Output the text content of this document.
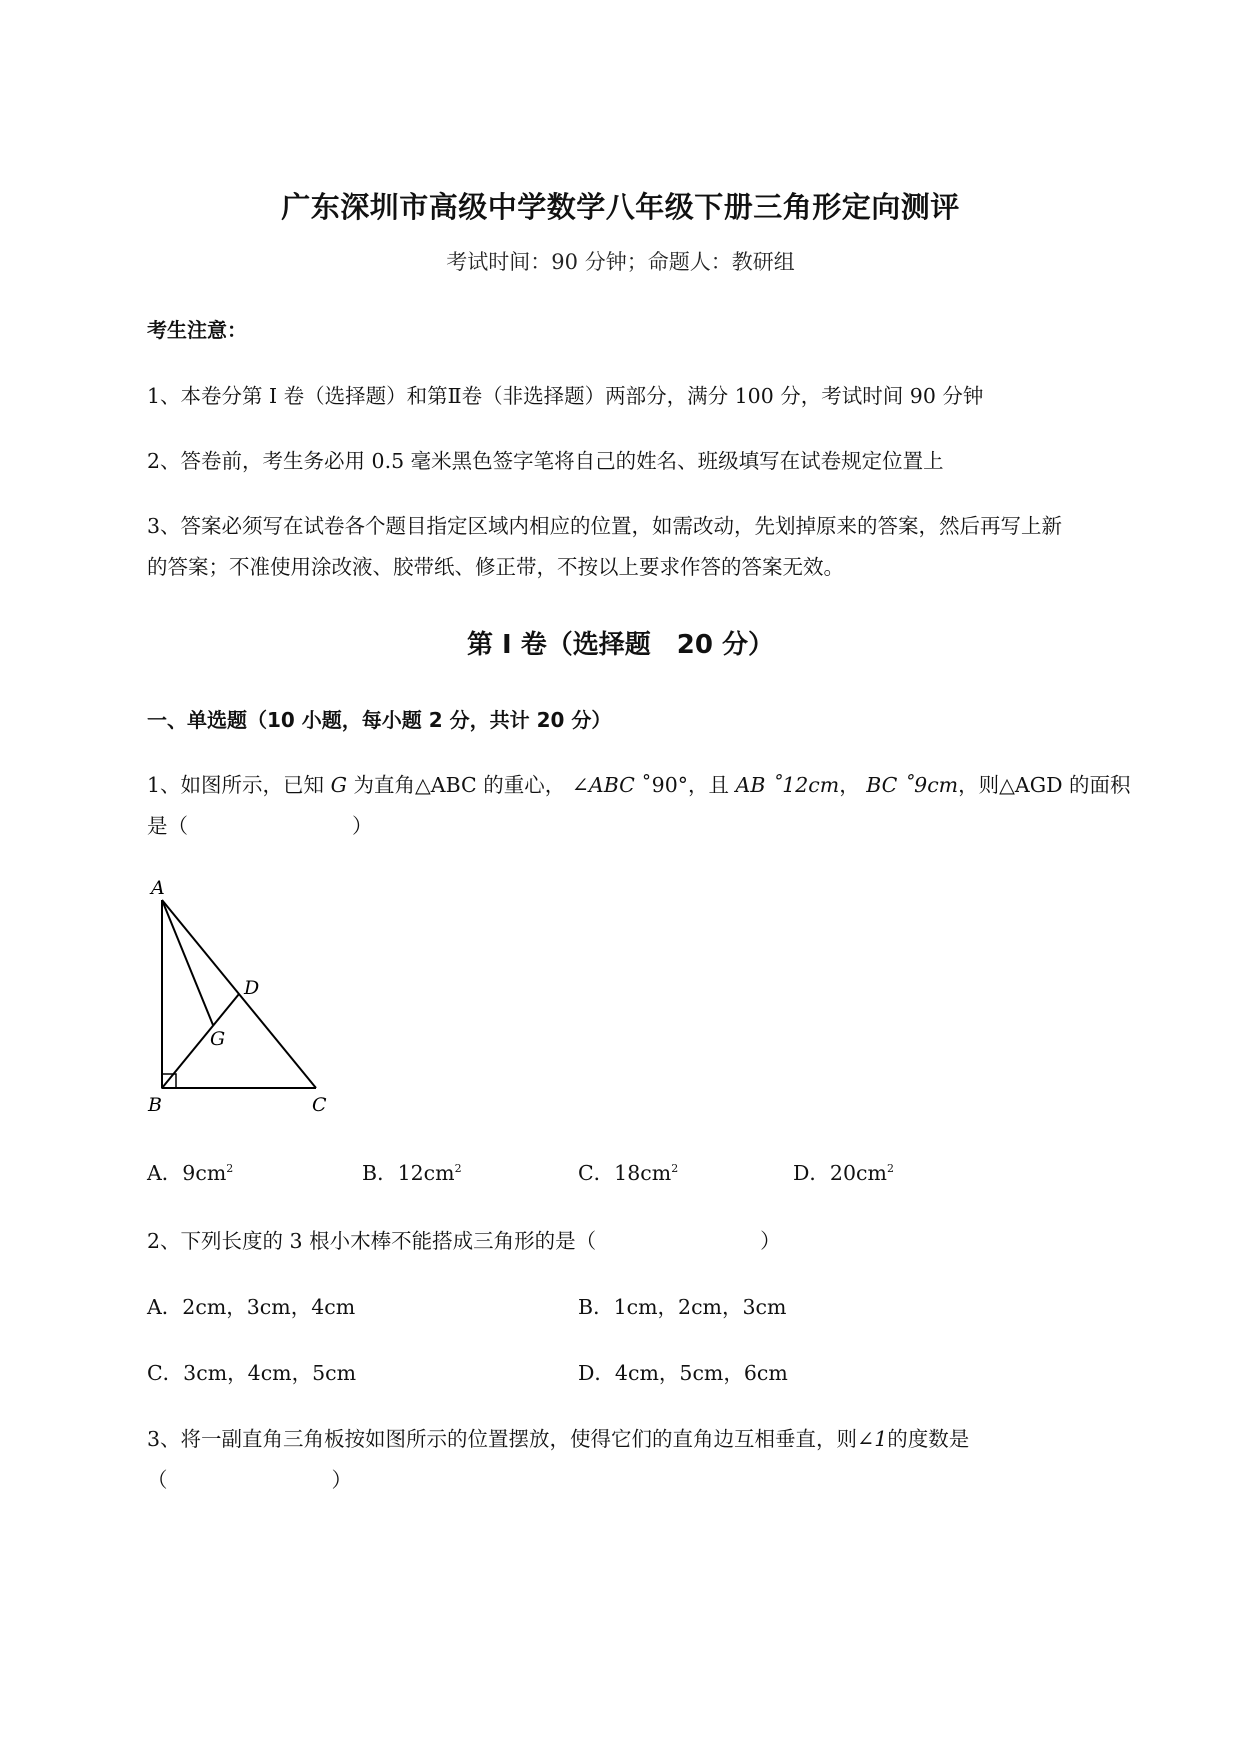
广东深圳市高级中学数学八年级下册三角形定向测评
考试时间：90 分钟；命题人：教研组
考生注意：
1、本卷分第 I 卷（选择题）和第Ⅱ卷（非选择题）两部分，满分 100 分，考试时间 90 分钟
2、答卷前，考生务必用 0.5 毫米黑色签字笔将自己的姓名、班级填写在试卷规定位置上
3、答案必须写在试卷各个题目指定区域内相应的位置，如需改动，先划掉原来的答案，然后再写上新
的答案；不准使用涂改液、胶带纸、修正带，不按以上要求作答的答案无效。
第 I 卷（选择题　20 分）
一、单选题（10 小题，每小题 2 分，共计 20 分）
1、如图所示，已知 G 为直角△ABC 的重心， ∠ABC ˚90°，且 AB ˚12cm， BC ˚9cm，则△AGD 的面积
是（　　　　　　　　）
A
B	C
D
G
A．$9cm^2$	B．$12cm^2$	C．$18cm^2$	D．$20cm^2$
2、下列长度的 3 根小木棒不能搭成三角形的是（　　　　　　　　）
A．2cm，3cm，4cm	B．1cm，2cm，3cm
C．3cm，4cm，5cm	D．4cm，5cm，6cm
3、将一副直角三角板按如图所示的位置摆放，使得它们的直角边互相垂直，则∠1的度数是
（　　　　　　　　）
